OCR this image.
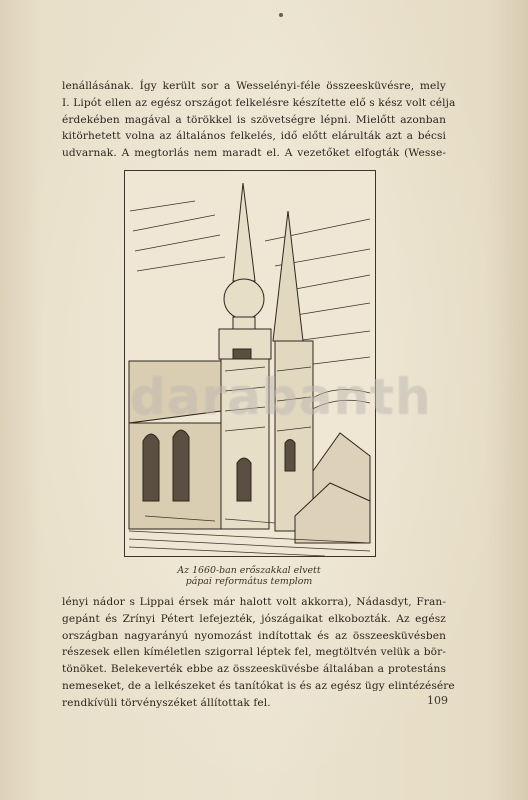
lenállásának. Így került sor a Wesselényi-féle összeesküvésre, mely
I. Lipót ellen az egész országot felkelésre készítette elő s kész volt célja
érdekében magával a törökkel is szövetségre lépni. Mielőtt azonban
kitörhetett volna az általános felkelés, idő előtt elárulták azt a bécsi
udvarnak. A megtorlás nem maradt el. A vezetőket elfogták (Wesse-
Az 1660-ban erőszakkal elvett
pápai református templom
lényi nádor s Lippai érsek már halott volt akkorra), Nádasdyt, Fran-
gepánt és Zrínyi Pétert lefejezték, jószágaikat elkobozták. Az egész
országban nagyarányú nyomozást indítottak és az összeesküvésben
részesek ellen kíméletlen szigorral léptek fel, megtöltvén velük a bör-
tönöket. Belekeverték ebbe az összeesküvésbe általában a protestáns
nemeseket, de a lelkészeket és tanítókat is és az egész ügy elintézésére
rendkívüli törvényszéket állítottak fel.	109
darabanth
